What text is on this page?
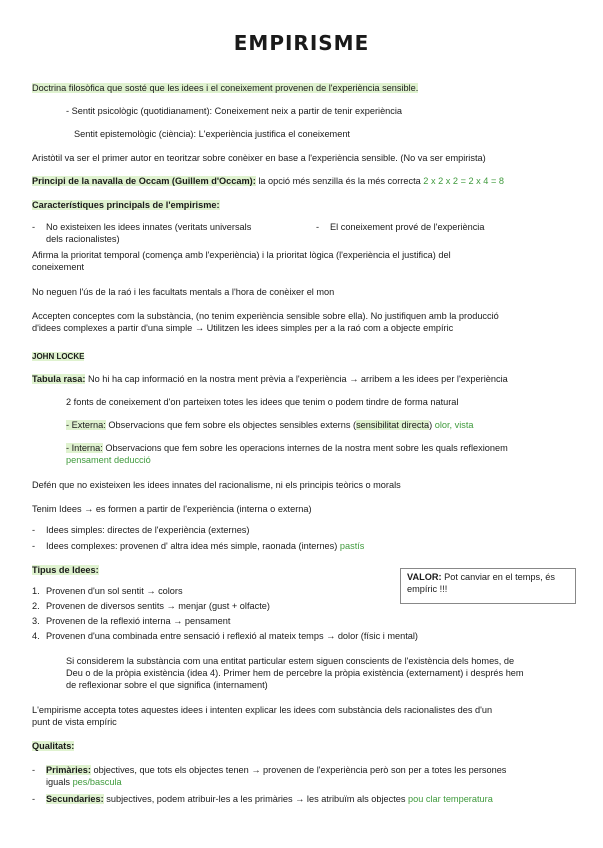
EMPIRISME
Doctrina filosòfica que sosté que les idees i el coneixement provenen de l'experiència sensible.
- Sentit psicològic (quotidianament): Coneixement neix a partir de tenir experiència
Sentit epistemològic (ciència): L'experiència justifica el coneixement
Aristòtil va ser el primer autor en teoritzar sobre conèixer en base a l'experiència sensible. (No va ser empirista)
Principi de la navalla de Occam (Guillem d'Occam): la opció més senzilla és la més correcta 2 x 2 x 2 = 2 x 4 = 8
Característiques principals de l'empirisme:
- No existeixen les idees innates (veritats universals
dels racionalistes)
- El coneixement prové de l'experiència
Afirma la prioritat temporal (comença amb l'experiència) i la prioritat lògica (l'experiència el justifica) del
coneixement
No neguen l'ús de la raó i les facultats mentals a l'hora de conèixer el mon
Accepten conceptes com la substància, (no tenim experiència sensible sobre ella). No justifiquen amb la producció
d'idees complexes a partir d'una simple → Utilitzen les idees simples per a la raó com a objecte empíric
JOHN LOCKE
Tabula rasa: No hi ha cap informació en la nostra ment prèvia a l'experiència → arribem a les idees per l'experiència
2 fonts de coneixement d'on parteixen totes les idees que tenim o podem tindre de forma natural
- Externa: Observacions que fem sobre els objectes sensibles externs (sensibilitat directa) olor, vista
- Interna: Observacions que fem sobre les operacions internes de la nostra ment sobre les quals reflexionem
pensament deducció
Defén que no existeixen les idees innates del racionalisme, ni els principis teòrics o morals
Tenim Idees → es formen a partir de l'experiència (interna o externa)
- Idees simples: directes de l'experiència (externes)
- Idees complexes: provenen d' altra idea més simple, raonada (internes) pastís
Tipus de Idees:
VALOR: Pot canviar en el temps, és empíric !!!
1. Provenen d'un sol sentit → colors
2. Provenen de diversos sentits → menjar (gust + olfacte)
3. Provenen de la reflexió interna → pensament
4. Provenen d'una combinada entre sensació i reflexió al mateix temps → dolor (físic i mental)
Si considerem la substància com una entitat particular estem siguen conscients de l'existència dels homes, de
Deu o de la pròpia existència (idea 4). Primer hem de percebre la pròpia existència (externament) i després hem
de reflexionar sobre el que significa (internament)
L'empirisme accepta totes aquestes idees i intenten explicar les idees com substància dels racionalistes des d'un
punt de vista empíric
Qualitats:
- Primàries: objectives, que tots els objectes tenen → provenen de l'experiència però son per a totes les persones
iguals pes/bascula
- Secundaries: subjectives, podem atribuir-les a les primàries → les atribuïm als objectes pou clar temperatura
